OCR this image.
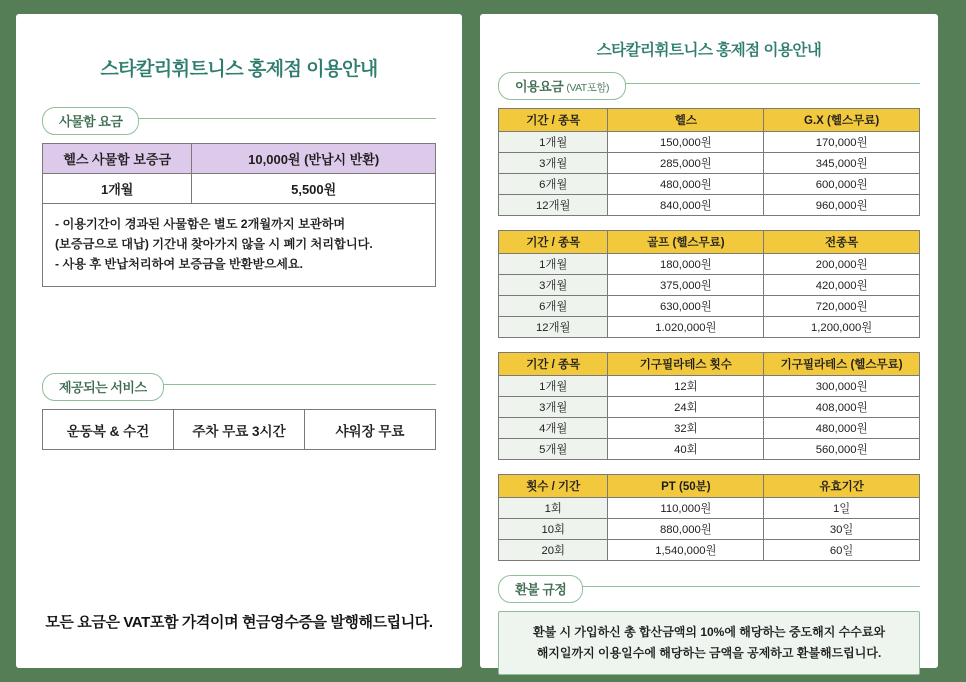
스타칼리휘트니스 홍제점 이용안내
사물함 요금
헬스 사물함 보증금	10,000원 (반납시 반환)
1개월	5,500원
- 이용기간이 경과된 사물함은 별도 2개월까지 보관하며
(보증금으로 대납) 기간내 찾아가지 않을 시 폐기 처리합니다.
- 사용 후 반납처리하여 보증금을 반환받으세요.
제공되는 서비스
운동복 & 수건	주차 무료 3시간	샤워장 무료
모든 요금은 VAT포함 가격이며 현금영수증을 발행해드립니다.
스타칼리휘트니스 홍제점 이용안내
이용요금 (VAT포함)
기간 / 종목	헬스	G.X (헬스무료)
1개월	150,000원	170,000원
3개월	285,000원	345,000원
6개월	480,000원	600,000원
12개월	840,000원	960,000원
기간 / 종목	골프 (헬스무료)	전종목
1개월	180,000원	200,000원
3개월	375,000원	420,000원
6개월	630,000원	720,000원
12개월	1.020,000원	1,200,000원
기간 / 종목	기구필라테스 횟수	기구필라테스 (헬스무료)
1개월	12회	300,000원
3개월	24회	408,000원
4개월	32회	480,000원
5개월	40회	560,000원
횟수 / 기간	PT (50분)	유효기간
1회	110,000원	1일
10회	880,000원	30일
20회	1,540,000원	60일
환불 규정
환불 시 가입하신 총 합산금액의 10%에 해당하는 중도해지 수수료와
해지일까지 이용일수에 해당하는 금액을 공제하고 환불해드립니다.
